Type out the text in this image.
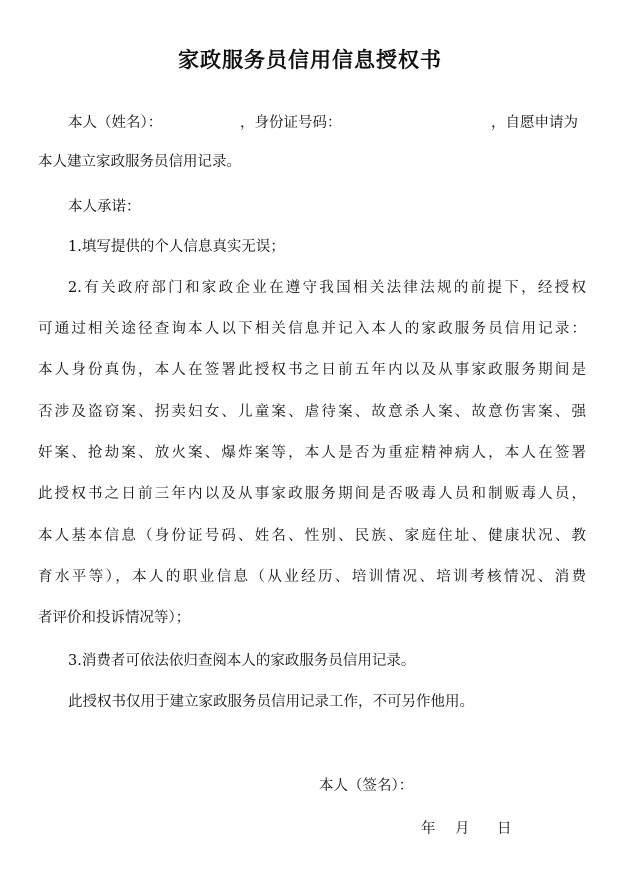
家政服务员信用信息授权书
本人（姓名）：	，身份证号码：	，自愿申请为
本人建立家政服务员信用记录。
本人承诺：
1.填写提供的个人信息真实无误；
2.有关政府部门和家政企业在遵守我国相关法律法规的前提下，经授权
可通过相关途径查询本人以下相关信息并记入本人的家政服务员信用记录：
本人身份真伪，本人在签署此授权书之日前五年内以及从事家政服务期间是
否涉及盗窃案、拐卖妇女、儿童案、虐待案、故意杀人案、故意伤害案、强
奸案、抢劫案、放火案、爆炸案等，本人是否为重症精神病人，本人在签署
此授权书之日前三年内以及从事家政服务期间是否吸毒人员和制贩毒人员，
本人基本信息（身份证号码、姓名、性别、民族、家庭住址、健康状况、教
育水平等），本人的职业信息（从业经历、培训情况、培训考核情况、消费
者评价和投诉情况等）；
3.消费者可依法依归查阅本人的家政服务员信用记录。
此授权书仅用于建立家政服务员信用记录工作，不可另作他用。
本人（签名）：
年 月 日
